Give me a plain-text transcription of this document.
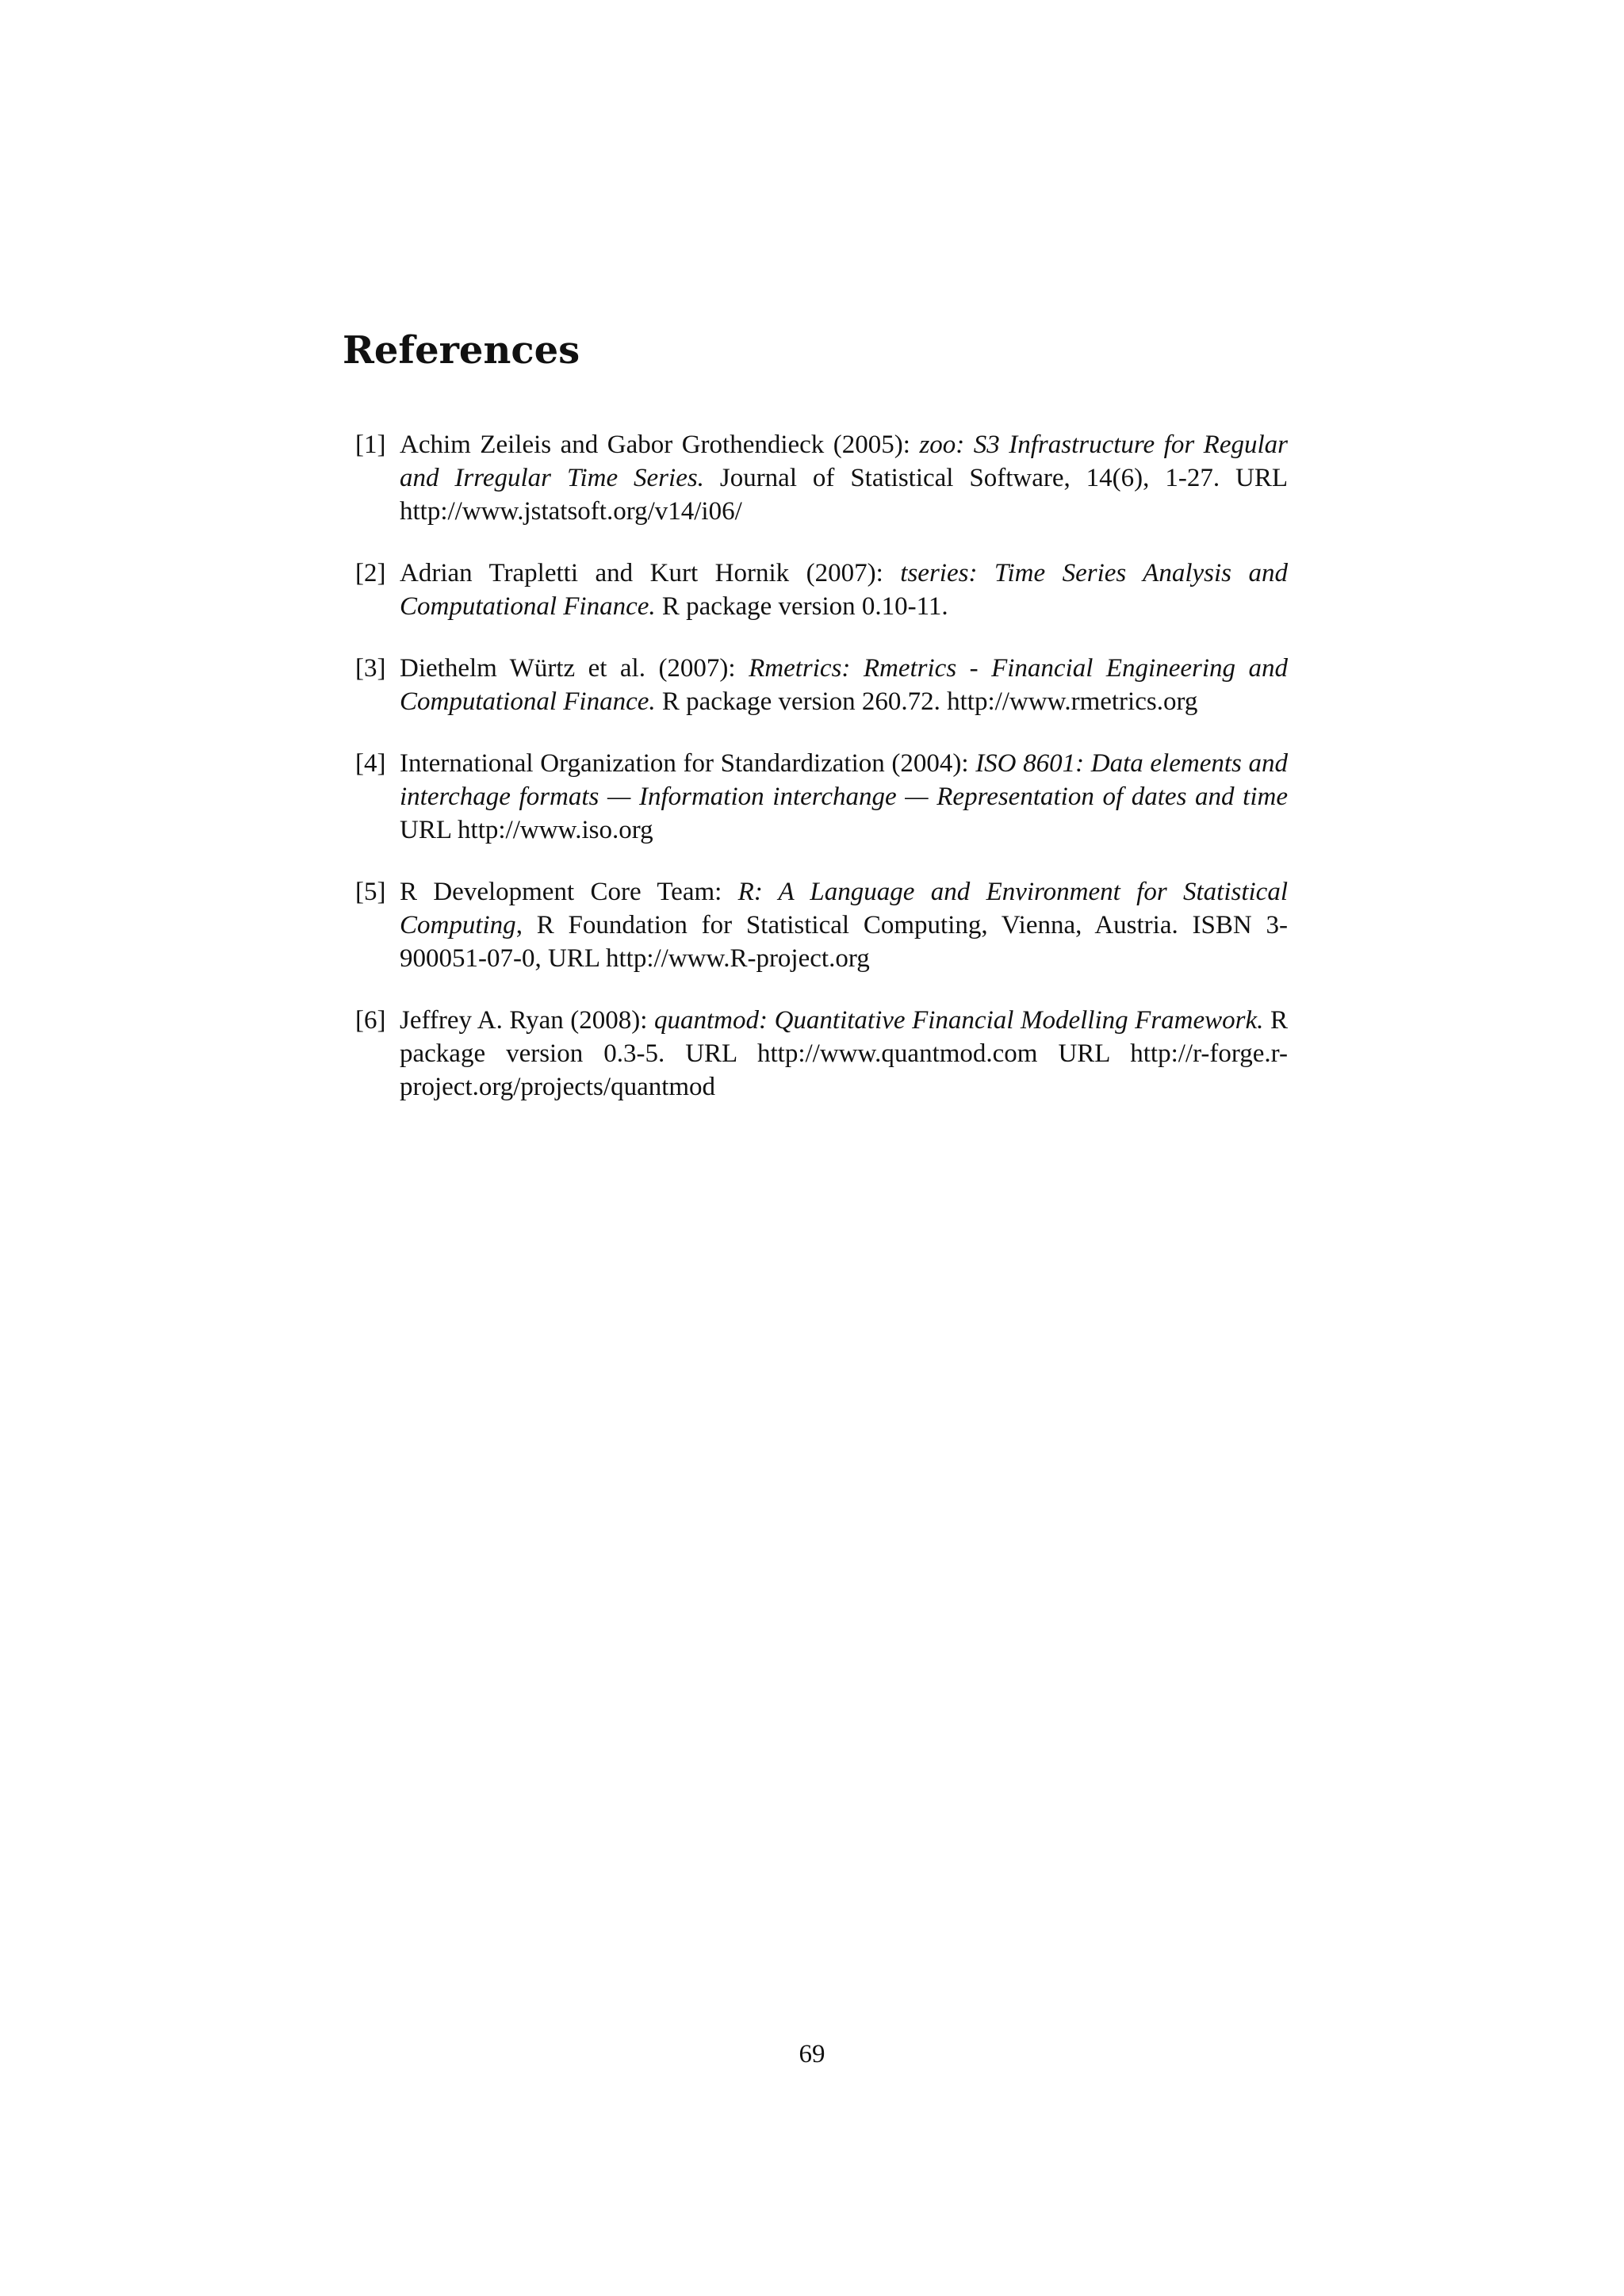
References
[1] Achim Zeileis and Gabor Grothendieck (2005): zoo: S3 Infrastructure for Regular and Irregular Time Series. Journal of Statistical Software, 14(6), 1-27. URL http://www.jstatsoft.org/v14/i06/
[2] Adrian Trapletti and Kurt Hornik (2007): tseries: Time Series Analysis and Computational Finance. R package version 0.10-11.
[3] Diethelm Würtz et al. (2007): Rmetrics: Rmetrics - Financial Engineering and Computational Finance. R package version 260.72. http://www.rmetrics.org
[4] International Organization for Standardization (2004): ISO 8601: Data elements and interchage formats — Information interchange — Representation of dates and time URL http://www.iso.org
[5] R Development Core Team: R: A Language and Environment for Statistical Computing, R Foundation for Statistical Computing, Vienna, Austria. ISBN 3-900051-07-0, URL http://www.R-project.org
[6] Jeffrey A. Ryan (2008): quantmod: Quantitative Financial Modelling Framework. R package version 0.3-5. URL http://www.quantmod.com URL http://r-forge.r-project.org/projects/quantmod
69
